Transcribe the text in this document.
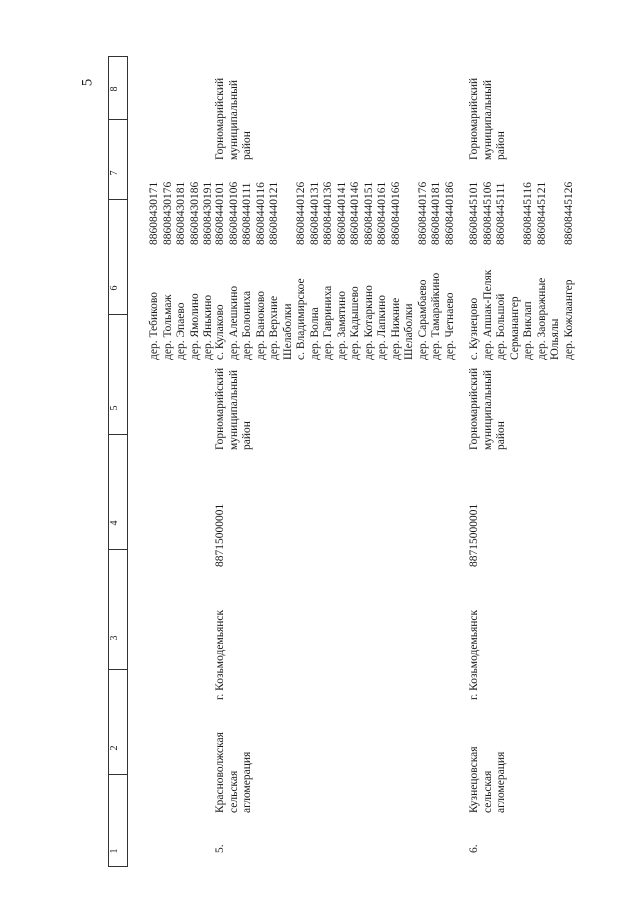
5
1
2
3
4
5
6
7
8
дер. Тебиково дер. Тольмаж дер. Эпаево дер. Ямолино дер. Янькино
88608430171 88608430176 88608430181 88608430186 88608430191
5.
Красноволжская сельская агломерация
г. Козьмодемьянск
88715000001
Горномарийский муниципальный район
с. Кулаково дер. Алешкино дер. Болониха дер. Ваноково дер. Верхние Шелаболки с. Владимирское дер. Волна дер. Гавриниха дер. Замятино дер. Кадышево дер. Котаркино дер. Лапкино дер. Нижние Шелаболки дер. Сарамбаево дер. Тамарайкино дер. Четнаево
88608440101 88608440106 88608440111 88608440116 88608440121 88608440126 88608440131 88608440136 88608440141 88608440146 88608440151 88608440161 88608440166 88608440176 88608440181 88608440186
Горномарийский муниципальный район
6.
Кузнецовская сельская агломерация
г. Козьмодемьянск
88715000001
Горномарийский муниципальный район
с. Кузнецово дер. Апшак-Пеляк дер. Большой Серманангер дер. Виклап дер. Заовражные Юльялы дер. Кожлаангер
88608445101 88608445106 88608445111 88608445116 88608445121 88608445126
Горномарийский муниципальный район
